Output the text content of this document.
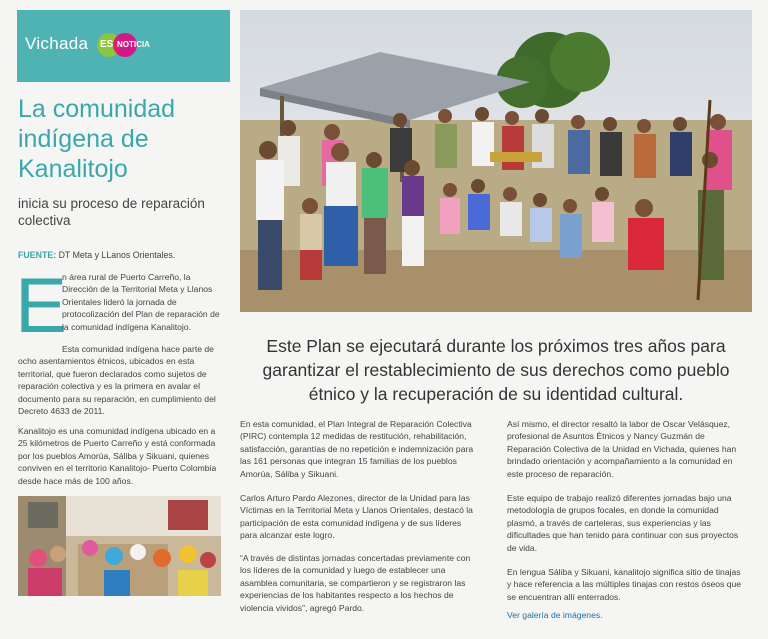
Vichada ES NOTICIA
La comunidad
indígena de
Kanalitojo
inicia su proceso de reparación
colectiva
FUENTE: DT Meta y LLanos Orientales.
E
n área rural de Puerto Carreño, la
Dirección de la Territorial Meta y Llanos
Orientales lideró la jornada de
protocolización del Plan de reparación de
la comunidad indígena Kanalitojo.
Esta comunidad indígena hace parte de
ocho asentamientos étnicos, ubicados en esta
territorial, que fueron declarados como sujetos de
reparación colectiva y es la primera en avalar el
documento para su reparación, en cumplimiento del
Decreto 4633 de 2011.
Kanalitojo es una comunidad indígena ubicado en a
25 kilómetros de Puerto Carreño y está conformada
por los pueblos Amorúa, Sáliba y Sikuani, quienes
conviven en el territorio Kanalitojo- Puerto Colombia
desde hace más de 100 años.
Este Plan se ejecutará durante los próximos tres años para
garantizar el restablecimiento de sus derechos como pueblo
étnico y la recuperación de su identidad cultural.
En esta comunidad, el Plan Integral de Reparación Colectiva
(PIRC) contempla 12 medidas de restitución, rehabilitación,
satisfacción, garantías de no repetición e indemnización para
las 161 personas que integran 15 familias de los pueblos
Amorúa, Sáliba y Sikuani.
Carlos Arturo Pardo Alezones, director de la Unidad para las
Víctimas en la Territorial Meta y Llanos Orientales, destacó la
participación de esta comunidad indígena y de sus líderes
para alcanzar este logro.
“A través de distintas jornadas concertadas previamente con
los líderes de la comunidad y luego de establecer una
asamblea comunitaria, se compartieron y se registraron las
experiencias de los habitantes respecto a los hechos de
violencia vividos”, agregó Pardo.
Así mismo, el director resaltó la labor de Oscar Velásquez,
profesional de Asuntos Étnicos y Nancy Guzmán de
Reparación Colectiva de la Unidad en Vichada, quienes han
brindado orientación y acompañamiento a la comunidad en
este proceso de reparación.
Este equipo de trabajo realizó diferentes jornadas bajo una
metodología de grupos focales, en donde la comunidad
plasmó, a través de carteleras, sus experiencias y las
dificultades que han tenido para continuar con sus proyectos
de vida.
En lengua Sáliba y Sikuani, kanalitojo significa sitio de tinajas
y hace referencia a las múltiples tinajas con restos óseos que
se encuentran allí enterrados.
Ver galería de imágenes.
